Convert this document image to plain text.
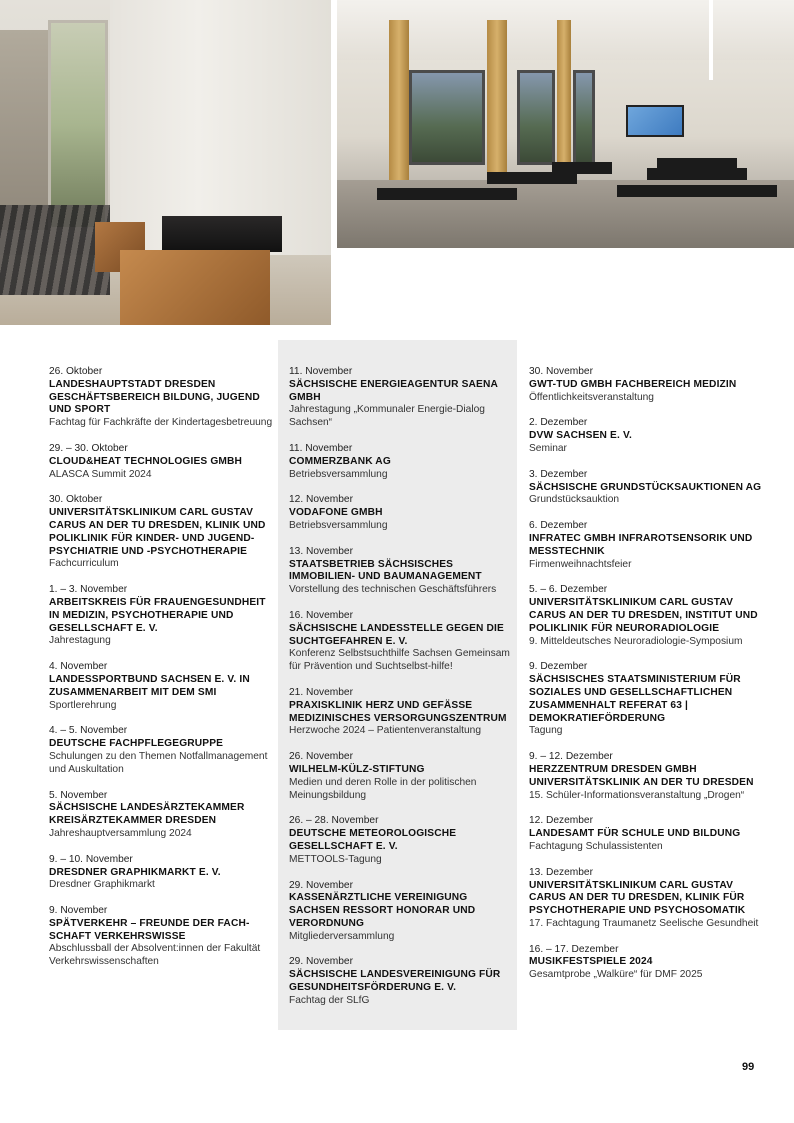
26. Oktober
LANDESHAUPTSTADT DRESDEN GESCHÄFTSBEREICH BILDUNG, JUGEND UND SPORT
Fachtag für Fachkräfte der Kindertagesbetreuung
29. – 30. Oktober
CLOUD&HEAT TECHNOLOGIES GMBH
ALASCA Summit 2024
30. Oktober
UNIVERSITÄTSKLINIKUM CARL GUSTAV CARUS AN DER TU DRESDEN, KLINIK UND POLIKLINIK FÜR KINDER- UND JUGEND-PSYCHIATRIE UND -PSYCHOTHERAPIE
Fachcurriculum
1. – 3. November
ARBEITSKREIS FÜR FRAUENGESUNDHEIT IN MEDIZIN, PSYCHOTHERAPIE UND GESELLSCHAFT E. V.
Jahrestagung
4. November
LANDESSPORTBUND SACHSEN E. V. IN ZUSAMMENARBEIT MIT DEM SMI
Sportlerehrung
4. – 5. November
DEUTSCHE FACHPFLEGEGRUPPE
Schulungen zu den Themen Notfallmanagement und Auskultation
5. November
SÄCHSISCHE LANDESÄRZTEKAMMER KREISÄRZTEKAMMER DRESDEN
Jahreshauptversammlung 2024
9. – 10. November
DRESDNER GRAPHIKMARKT E. V.
Dresdner Graphikmarkt
9. November
SPÄTVERKEHR – FREUNDE DER FACH-SCHAFT VERKEHRSWISSE
Abschlussball der Absolvent:innen der Fakultät Verkehrswissenschaften
11. November
SÄCHSISCHE ENERGIEAGENTUR SAENA GMBH
Jahrestagung „Kommunaler Energie-Dialog Sachsen“
11. November
COMMERZBANK AG
Betriebsversammlung
12. November
VODAFONE GMBH
Betriebsversammlung
13. November
STAATSBETRIEB SÄCHSISCHES IMMOBILIEN- UND BAUMANAGEMENT
Vorstellung des technischen Geschäftsführers
16. November
SÄCHSISCHE LANDESSTELLE GEGEN DIE SUCHTGEFAHREN E. V.
Konferenz Selbstsuchthilfe Sachsen Gemeinsam für Prävention und Suchtselbst-hilfe!
21. November
PRAXISKLINIK HERZ UND GEFÄSSE MEDIZINISCHES VERSORGUNGSZENTRUM
Herzwoche 2024 – Patientenveranstaltung
26. November
WILHELM-KÜLZ-STIFTUNG
Medien und deren Rolle in der politischen Meinungsbildung
26. – 28. November
DEUTSCHE METEOROLOGISCHE GESELLSCHAFT E. V.
METTOOLS-Tagung
29. November
KASSENÄRZTLICHE VEREINIGUNG SACHSEN RESSORT HONORAR UND VERORDNUNG
Mitgliederversammlung
29. November
SÄCHSISCHE LANDESVEREINIGUNG FÜR GESUNDHEITSFÖRDERUNG E. V.
Fachtag der SLfG
30. November
GWT-TUD GMBH FACHBEREICH MEDIZIN
Öffentlichkeitsveranstaltung
2. Dezember
DVW SACHSEN E. V.
Seminar
3. Dezember
SÄCHSISCHE GRUNDSTÜCKSAUKTIONEN AG
Grundstücksauktion
6. Dezember
INFRATEC GMBH INFRAROTSENSORIK UND MESSTECHNIK
Firmenweihnachtsfeier
5. – 6. Dezember
UNIVERSITÄTSKLINIKUM CARL GUSTAV CARUS AN DER TU DRESDEN, INSTITUT UND POLIKLINIK FÜR NEURORADIOLOGIE
9. Mitteldeutsches Neuroradiologie-Symposium
9. Dezember
SÄCHSISCHES STAATSMINISTERIUM FÜR SOZIALES UND GESELLSCHAFTLICHEN ZUSAMMENHALT REFERAT 63 | DEMOKRATIEFÖRDERUNG
Tagung
9. – 12. Dezember
HERZZENTRUM DRESDEN GMBH UNIVERSITÄTSKLINIK AN DER TU DRESDEN
15. Schüler-Informationsveranstaltung „Drogen“
12. Dezember
LANDESAMT FÜR SCHULE UND BILDUNG
Fachtagung Schulassistenten
13. Dezember
UNIVERSITÄTSKLINIKUM CARL GUSTAV CARUS AN DER TU DRESDEN, KLINIK FÜR PSYCHOTHERAPIE UND PSYCHOSOMATIK
17. Fachtagung Traumanetz Seelische Gesundheit
16. – 17. Dezember
MUSIKFESTSPIELE 2024
Gesamtprobe „Walküre“ für DMF 2025
99
